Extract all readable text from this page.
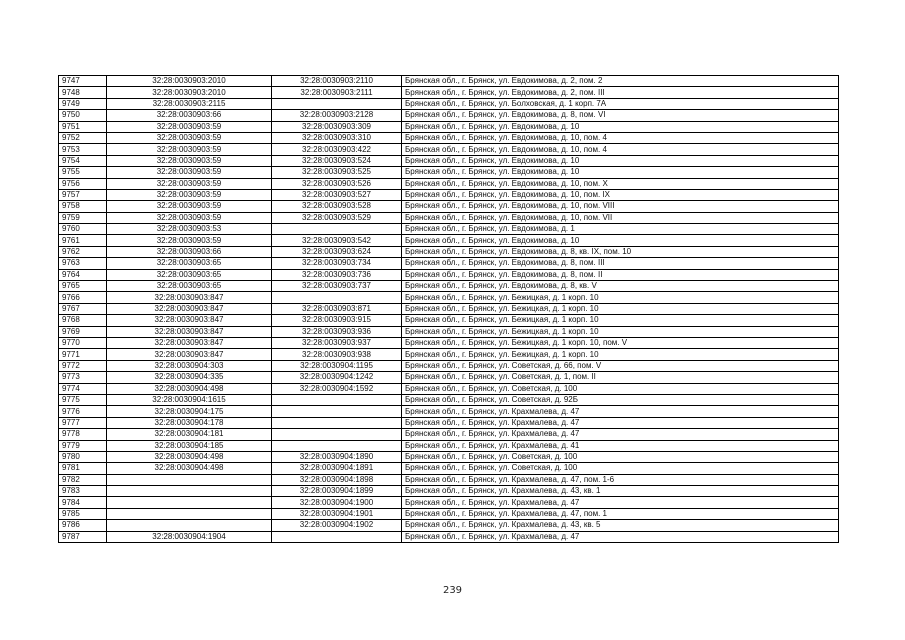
9747	32:28:0030903:2010	32:28:0030903:2110	Брянская обл., г. Брянск, ул. Евдокимова, д. 2, пом. 2
9748	32:28:0030903:2010	32:28:0030903:2111	Брянская обл., г. Брянск, ул. Евдокимова, д. 2, пом. III
9749	32:28:0030903:2115		Брянская обл., г. Брянск, ул. Болховская, д. 1 корп. 7А
9750	32:28:0030903:66	32:28:0030903:2128	Брянская обл., г. Брянск, ул. Евдокимова, д. 8, пом. VI
9751	32:28:0030903:59	32:28:0030903:309	Брянская обл., г. Брянск, ул. Евдокимова, д. 10
9752	32:28:0030903:59	32:28:0030903:310	Брянская обл., г. Брянск, ул. Евдокимова, д. 10, пом. 4
9753	32:28:0030903:59	32:28:0030903:422	Брянская обл., г. Брянск, ул. Евдокимова, д. 10, пом. 4
9754	32:28:0030903:59	32:28:0030903:524	Брянская обл., г. Брянск, ул. Евдокимова, д. 10
9755	32:28:0030903:59	32:28:0030903:525	Брянская обл., г. Брянск, ул. Евдокимова, д. 10
9756	32:28:0030903:59	32:28:0030903:526	Брянская обл., г. Брянск, ул. Евдокимова, д. 10, пом. X
9757	32:28:0030903:59	32:28:0030903:527	Брянская обл., г. Брянск, ул. Евдокимова, д. 10, пом. IX
9758	32:28:0030903:59	32:28:0030903:528	Брянская обл., г. Брянск, ул. Евдокимова, д. 10, пом. VIII
9759	32:28:0030903:59	32:28:0030903:529	Брянская обл., г. Брянск, ул. Евдокимова, д. 10, пом. VII
9760	32:28:0030903:53		Брянская обл., г. Брянск, ул. Евдокимова, д. 1
9761	32:28:0030903:59	32:28:0030903:542	Брянская обл., г. Брянск, ул. Евдокимова, д. 10
9762	32:28:0030903:66	32:28:0030903:624	Брянская обл., г. Брянск, ул. Евдокимова, д. 8, кв. IX, пом. 10
9763	32:28:0030903:65	32:28:0030903:734	Брянская обл., г. Брянск, ул. Евдокимова, д. 8, пом. III
9764	32:28:0030903:65	32:28:0030903:736	Брянская обл., г. Брянск, ул. Евдокимова, д. 8, пом. II
9765	32:28:0030903:65	32:28:0030903:737	Брянская обл., г. Брянск, ул. Евдокимова, д. 8, кв. V
9766	32:28:0030903:847		Брянская обл., г. Брянск, ул. Бежицкая, д. 1 корп. 10
9767	32:28:0030903:847	32:28:0030903:871	Брянская обл., г. Брянск, ул. Бежицкая, д. 1 корп. 10
9768	32:28:0030903:847	32:28:0030903:915	Брянская обл., г. Брянск, ул. Бежицкая, д. 1 корп. 10
9769	32:28:0030903:847	32:28:0030903:936	Брянская обл., г. Брянск, ул. Бежицкая, д. 1 корп. 10
9770	32:28:0030903:847	32:28:0030903:937	Брянская обл., г. Брянск, ул. Бежицкая, д. 1 корп. 10, пом. V
9771	32:28:0030903:847	32:28:0030903:938	Брянская обл., г. Брянск, ул. Бежицкая, д. 1 корп. 10
9772	32:28:0030904:303	32:28:0030904:1195	Брянская обл., г. Брянск, ул. Советская, д. 66, пом. V
9773	32:28:0030904:335	32:28:0030904:1242	Брянская обл., г. Брянск, ул. Советская, д. 1, пом. II
9774	32:28:0030904:498	32:28:0030904:1592	Брянская обл., г. Брянск, ул. Советская, д. 100
9775	32:28:0030904:1615		Брянская обл., г. Брянск, ул. Советская, д. 92Б
9776	32:28:0030904:175		Брянская обл., г. Брянск, ул. Крахмалева, д. 47
9777	32:28:0030904:178		Брянская обл., г. Брянск, ул. Крахмалева, д. 47
9778	32:28:0030904:181		Брянская обл., г. Брянск, ул. Крахмалева, д. 47
9779	32:28:0030904:185		Брянская обл., г. Брянск, ул. Крахмалева, д. 41
9780	32:28:0030904:498	32:28:0030904:1890	Брянская обл., г. Брянск, ул. Советская, д. 100
9781	32:28:0030904:498	32:28:0030904:1891	Брянская обл., г. Брянск, ул. Советская, д. 100
9782		32:28:0030904:1898	Брянская обл., г. Брянск, ул. Крахмалева, д. 47, пом. 1-6
9783		32:28:0030904:1899	Брянская обл., г. Брянск, ул. Крахмалева, д. 43, кв. 1
9784		32:28:0030904:1900	Брянская обл., г. Брянск, ул. Крахмалева, д. 47
9785		32:28:0030904:1901	Брянская обл., г. Брянск, ул. Крахмалева, д. 47, пом. 1
9786		32:28:0030904:1902	Брянская обл., г. Брянск, ул. Крахмалева, д. 43, кв. 5
9787	32:28:0030904:1904		Брянская обл., г. Брянск, ул. Крахмалева, д. 47
239
